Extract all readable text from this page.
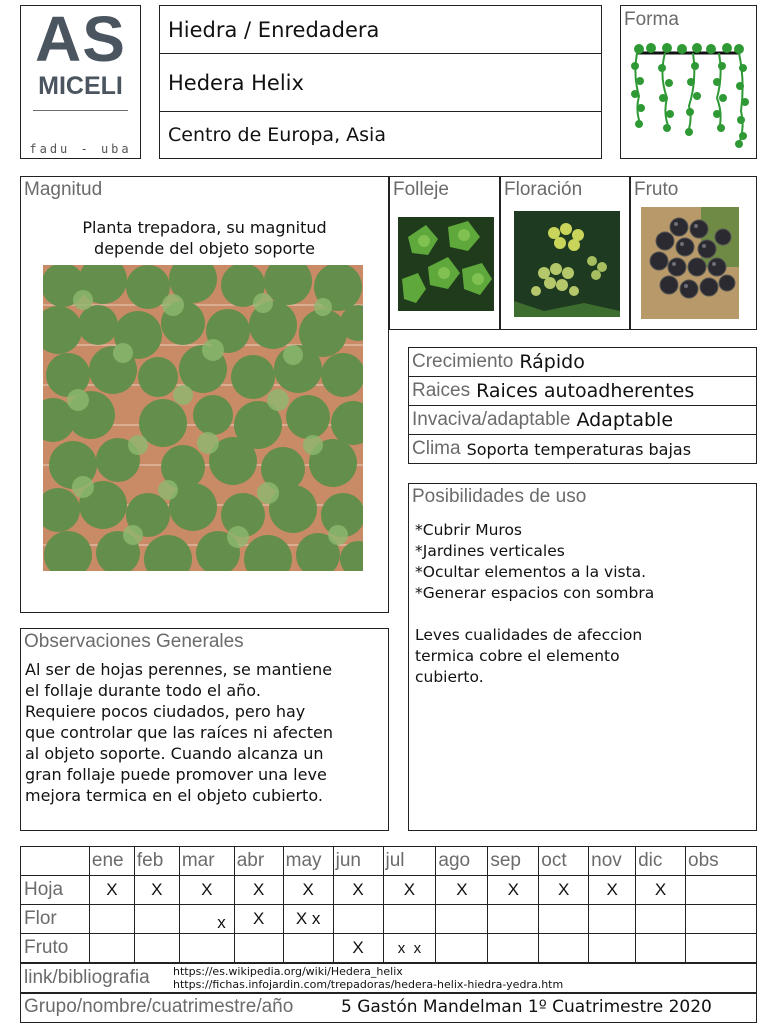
AS
MICELI
fadu - uba
Hiedra / Enredadera
Hedera Helix
Centro de Europa, Asia
Forma
Magnitud
Planta trepadora, su magnitud
depende del objeto soporte
Folleje	Floración	Fruto
Crecimiento Rápido
Raices Raices autoadherentes
Invaciva/adaptable Adaptable
Clima Soporta temperaturas bajas
Posibilidades de uso
*Cubrir Muros
*Jardines verticales
*Ocultar elementos a la vista.
*Generar espacios con sombra
Leves cualidades de afeccion
termica cobre el elemento
cubierto.
Observaciones Generales
Al ser de hojas perennes, se mantiene
el follaje durante todo el año.
Requiere pocos ciudados, pero hay
que controlar que las raíces ni afecten
al objeto soporte. Cuando alcanza un
gran follaje puede promover una leve
mejora termica en el objeto cubierto.
	ene	feb	mar	abr	may	jun	jul	ago	sep	oct	nov	dic	obs
Hoja	X	X	X	X	X	X	X	X	X	X	X	X	
Flor			x	X	X x								
Fruto						X	x  x						
link/bibliografia https://es.wikipedia.org/wiki/Hedera_helix
https://fichas.infojardin.com/trepadoras/hedera-helix-hiedra-yedra.htm
Grupo/nombre/cuatrimestre/año	5 Gastón Mandelman 1º Cuatrimestre 2020
